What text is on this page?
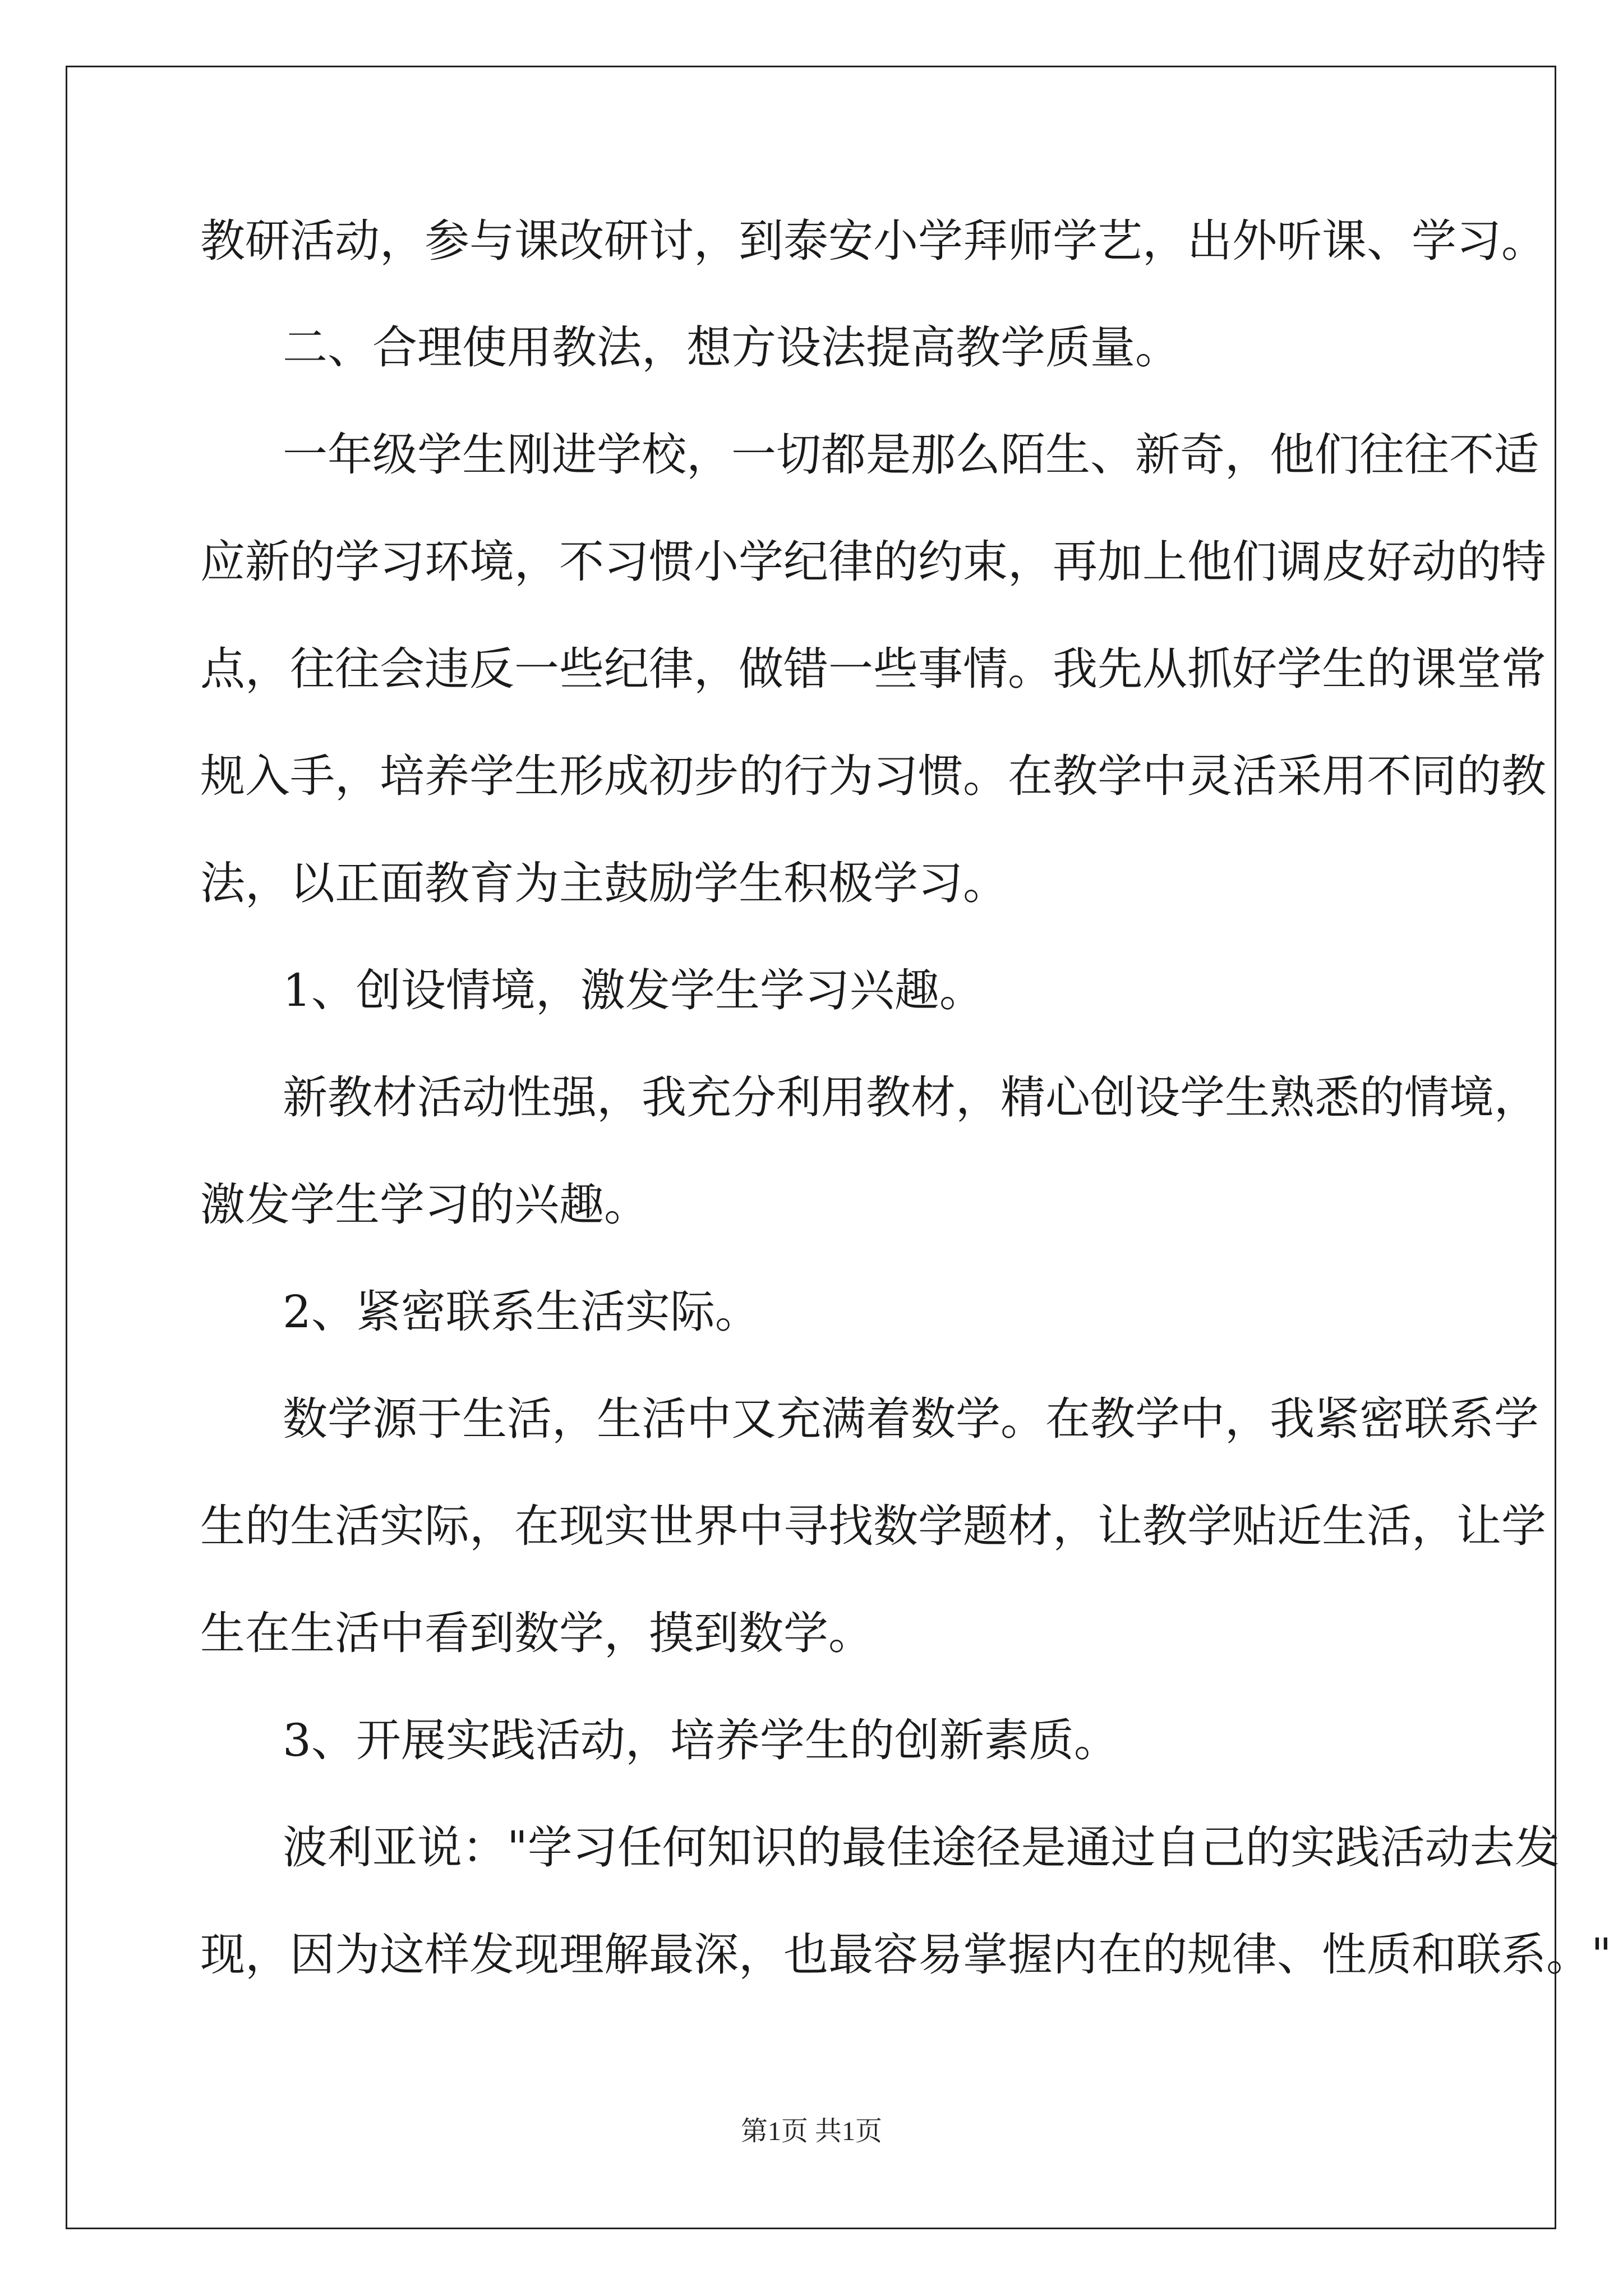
教研活动，参与课改研讨，到泰安小学拜师学艺，出外听课、学习。
二、合理使用教法，想方设法提高教学质量。
一年级学生刚进学校，一切都是那么陌生、新奇，他们往往不适
应新的学习环境，不习惯小学纪律的约束，再加上他们调皮好动的特
点，往往会违反一些纪律，做错一些事情。我先从抓好学生的课堂常
规入手，培养学生形成初步的行为习惯。在教学中灵活采用不同的教
法，以正面教育为主鼓励学生积极学习。
1、创设情境，激发学生学习兴趣。
新教材活动性强，我充分利用教材，精心创设学生熟悉的情境，
激发学生学习的兴趣。
2、紧密联系生活实际。
数学源于生活，生活中又充满着数学。在教学中，我紧密联系学
生的生活实际，在现实世界中寻找数学题材，让教学贴近生活，让学
生在生活中看到数学，摸到数学。
3、开展实践活动，培养学生的创新素质。
波利亚说："学习任何知识的最佳途径是通过自己的实践活动去发
现，因为这样发现理解最深，也最容易掌握内在的规律、性质和联系。"
第1页 共1页
